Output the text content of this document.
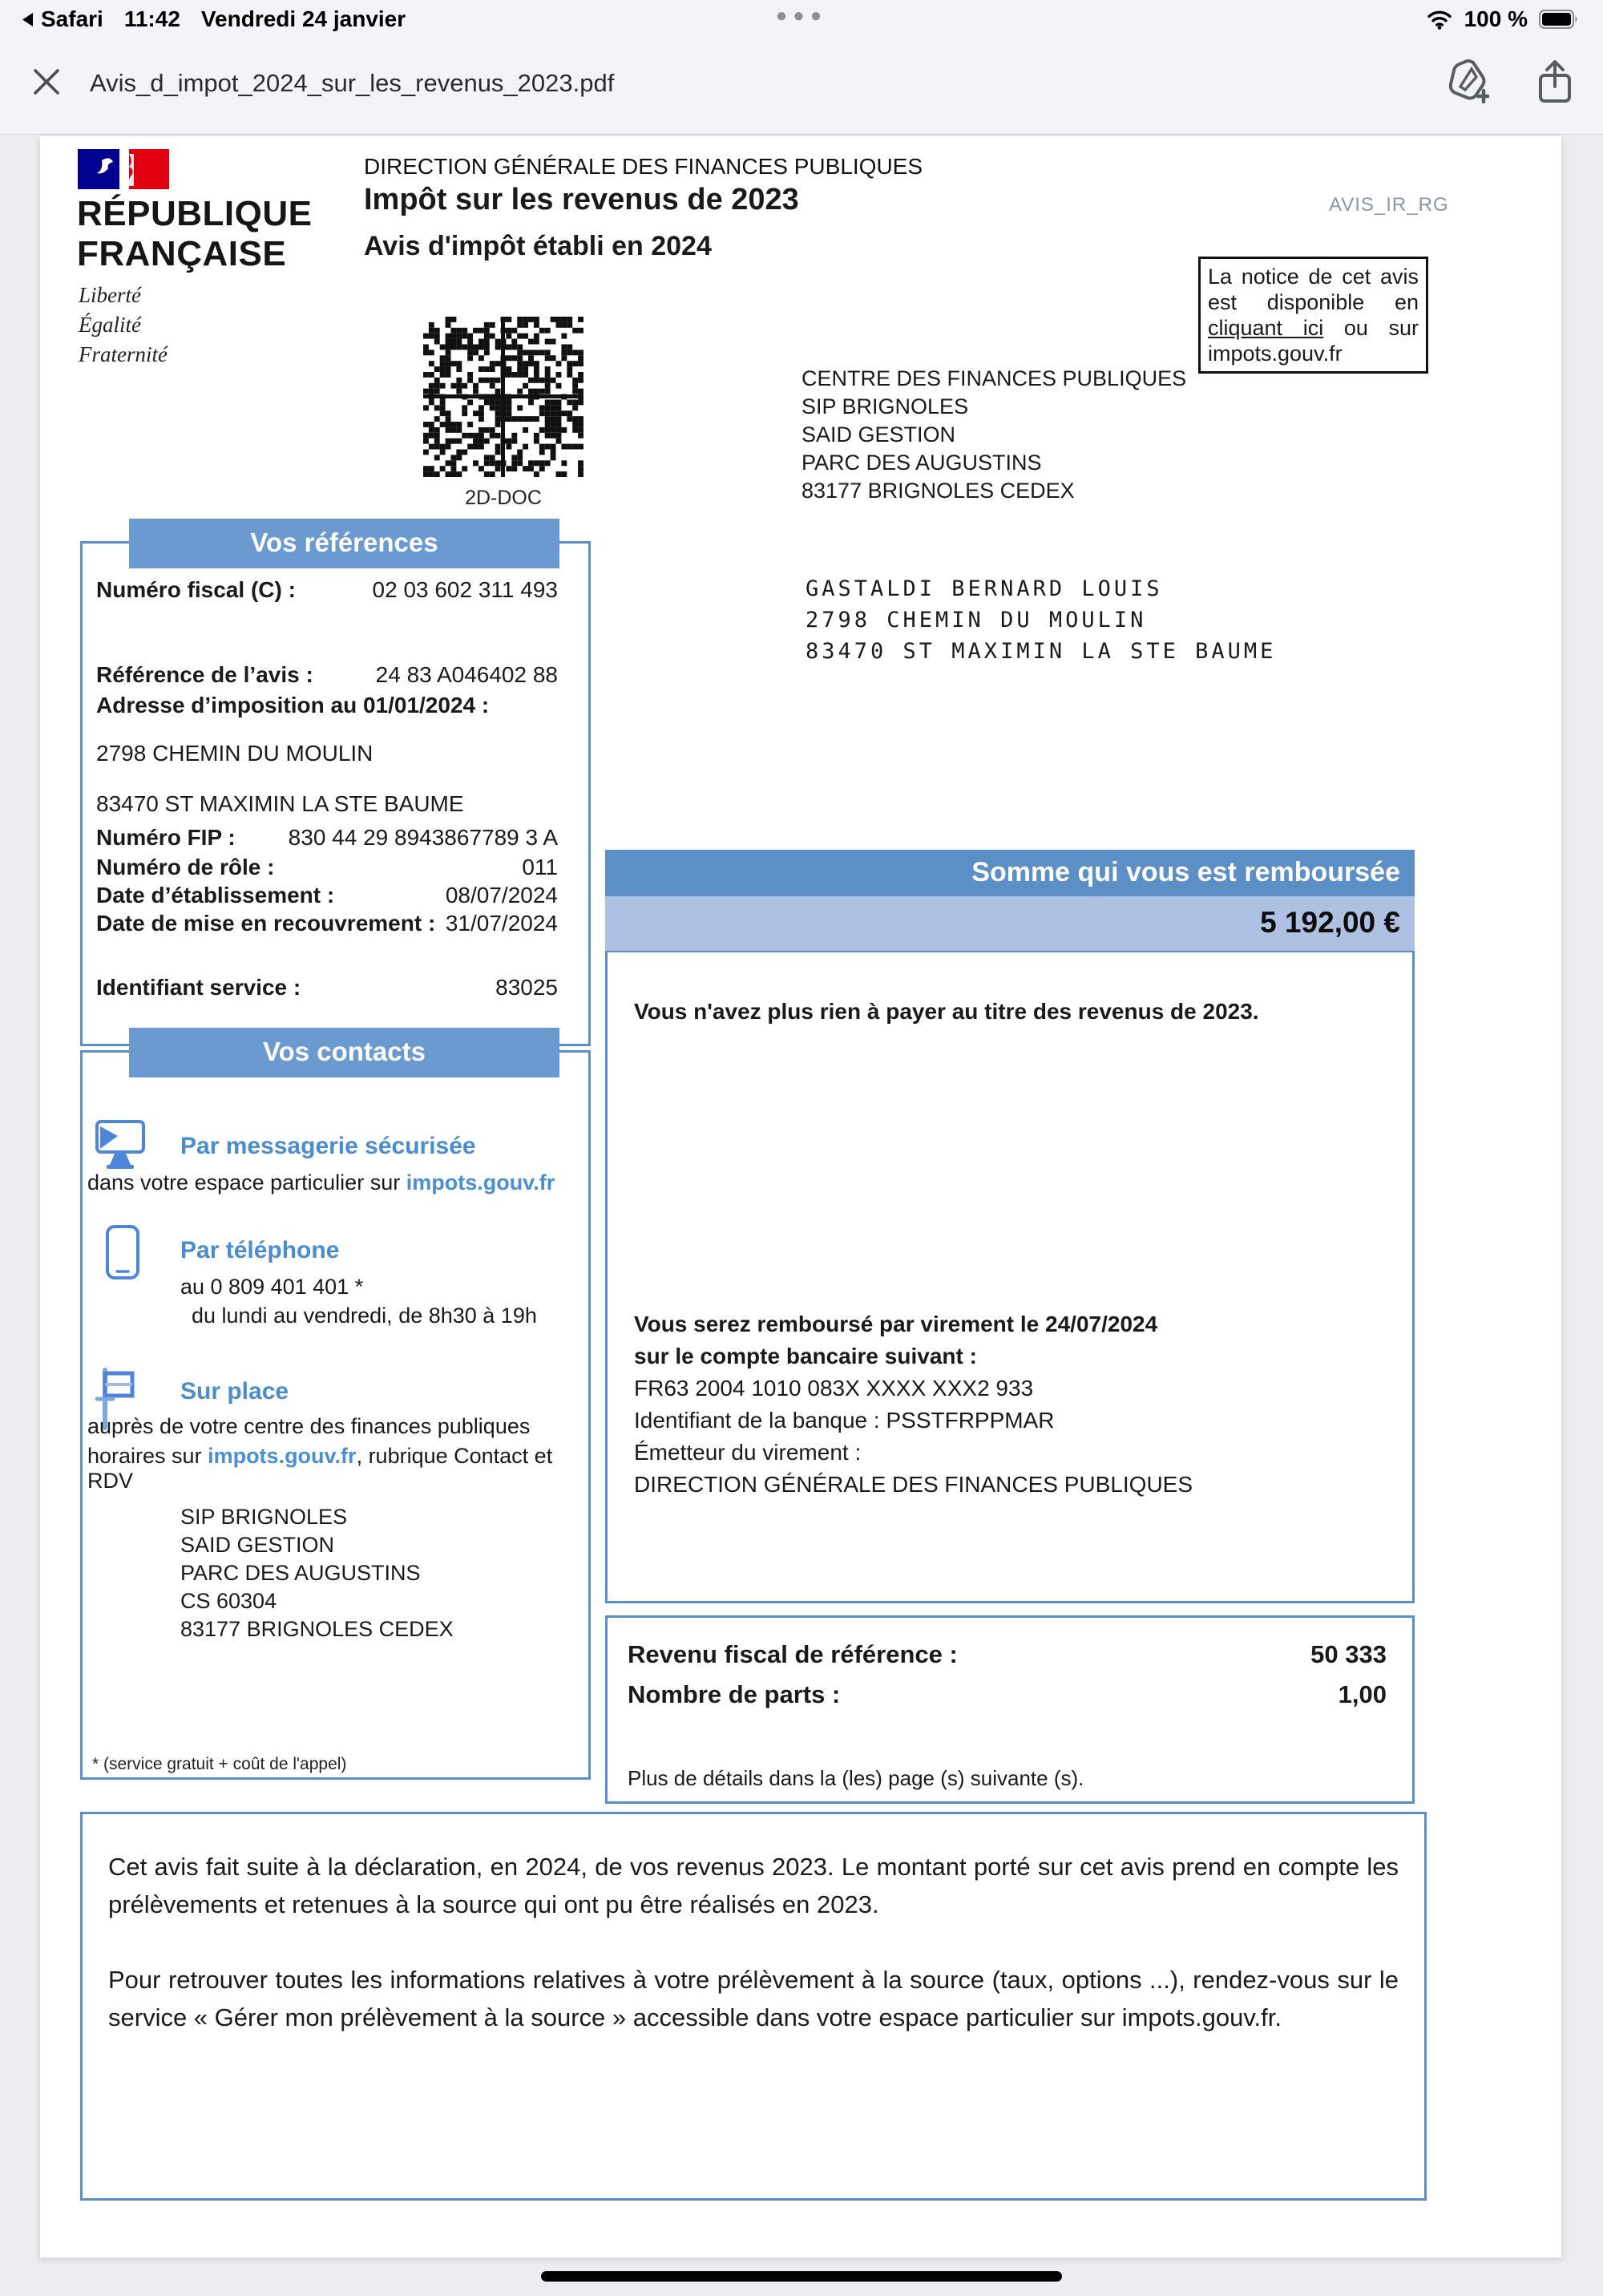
Safari 11:42 Vendredi 24 janvier	●●●	100 %
Avis_d_impot_2024_sur_les_revenus_2023.pdf
RÉPUBLIQUE
FRANÇAISE
Liberté
Égalité
Fraternité
DIRECTION GÉNÉRALE DES FINANCES PUBLIQUES
Impôt sur les revenus de 2023
Avis d'impôt établi en 2024
AVIS_IR_RG
La notice de cet avis est disponible en cliquant ici ou sur impots.gouv.fr
2D-DOC
CENTRE DES FINANCES PUBLIQUES
SIP BRIGNOLES
SAID GESTION
PARC DES AUGUSTINS
83177 BRIGNOLES CEDEX
GASTALDI BERNARD LOUIS
2798 CHEMIN DU MOULIN
83470 ST MAXIMIN LA STE BAUME
Vos références
Numéro fiscal (C) :	02 03 602 311 493
Référence de l’avis :	24 83 A046402 88
Adresse d’imposition au 01/01/2024 :
2798 CHEMIN DU MOULIN
83470 ST MAXIMIN LA STE BAUME
Numéro FIP : 830 44 29 8943867789 3 A
Numéro de rôle :	011
Date d’établissement :	08/07/2024
Date de mise en recouvrement : 31/07/2024
Identifiant service :	83025
Vos contacts
Par messagerie sécurisée
dans votre espace particulier sur impots.gouv.fr
Par téléphone
au 0 809 401 401 *
du lundi au vendredi, de 8h30 à 19h
Sur place
auprès de votre centre des finances publiques
horaires sur impots.gouv.fr, rubrique Contact et RDV
SIP BRIGNOLES
SAID GESTION
PARC DES AUGUSTINS
CS 60304
83177 BRIGNOLES CEDEX
* (service gratuit + coût de l'appel)
Somme qui vous est remboursée
5 192,00 €
Vous n'avez plus rien à payer au titre des revenus de 2023.
Vous serez remboursé par virement le 24/07/2024
sur le compte bancaire suivant :
FR63 2004 1010 083X XXXX XXX2 933
Identifiant de la banque : PSSTFRPPMAR
Émetteur du virement :
DIRECTION GÉNÉRALE DES FINANCES PUBLIQUES
Revenu fiscal de référence :	50 333
Nombre de parts :	1,00
Plus de détails dans la (les) page (s) suivante (s).

Cet avis fait suite à la déclaration, en 2024, de vos revenus 2023. Le montant porté sur cet avis prend en compte les prélèvements et retenues à la source qui ont pu être réalisés en 2023.

Pour retrouver toutes les informations relatives à votre prélèvement à la source (taux, options ...), rendez-vous sur le service « Gérer mon prélèvement à la source » accessible dans votre espace particulier sur impots.gouv.fr.
